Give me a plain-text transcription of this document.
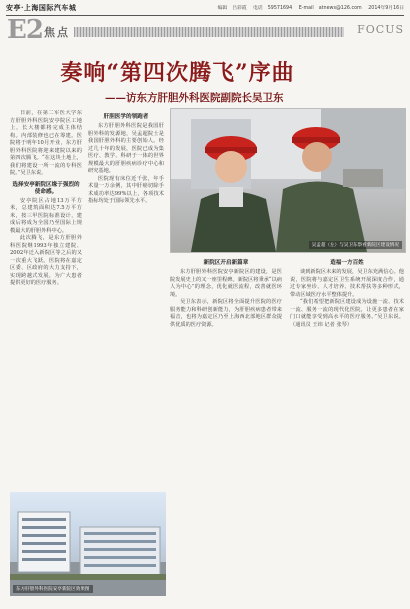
安亭·上海国际汽车城	编辑 吕彩霞 电话 59571694 E-mail atnews@126.com 2014年9月16日
E2 焦点	FOCUS
奏响“第四次腾飞”序曲
——访东方肝胆外科医院副院长吴卫东

日前，在第二军医大学东方肝胆外科医院安亭院区工地上，长大楼都将完成主体结构。内部装修也已在筹建。医院将于明年10月开业，东方肝胆外科医院将迎来建院以来的第四次腾飞。“在这块土地上，我们将建设一所一流的专科医院。”吴卫东说。

选择安亭新院区缘于强烈的使命感。

安亭院区占地13万平方米，总建筑面积达7.5万平方米，按三甲医院标准设计，建成后将成为全国乃至国际上规模最大的肝胆外科中心。

此次腾飞，是东方肝胆外科医院继1993年独立建院、2002年迁入新院区等之后的又一次重大飞跃。医院将在嘉定区委、区政府的大力支持下，实现跨越式发展，为广大患者提供更好的医疗服务。

肝胆医学的领跑者

东方肝胆外科医院是我国肝胆外科的发源地，吴孟超院士是我国肝胆外科的主要创始人。经过几十年的发展，医院已成为集医疗、教学、科研于一体的世界规模最大的肝胆疾病诊疗中心和研究基地。

医院现有床位近千张，年手术量一万余例，其中肝癌切除手术成功率达99%以上，各项技术指标均处于国际领先水平。

吴孟超（左）与吴卫东察看新院区建设情况

新院区开启新篇章

东方肝胆外科医院安亭新院区的建设，是医院发展史上的又一座里程碑。新院区将秉承“以病人为中心”的理念，优化就医流程，改善就医环境。

吴卫东表示，新院区将全面提升医院的医疗服务能力和科研创新能力，为肝胆疾病患者带来福音，也将为嘉定区乃至上海西北部地区群众提供优质的医疗资源。

造福一方百姓

谈到新院区未来的发展，吴卫东充满信心。他说，医院将与嘉定区卫生系统开展深度合作，通过专家坐诊、人才培养、技术帮扶等多种形式，带动区域医疗水平整体提升。

“我们希望把新院区建设成为设施一流、技术一流、服务一流的现代化医院，让更多患者在家门口就能享受到高水平的医疗服务。”吴卫东说。（通讯员 王纬 记者 张琴）

东方肝胆外科医院安亭新院区效果图
